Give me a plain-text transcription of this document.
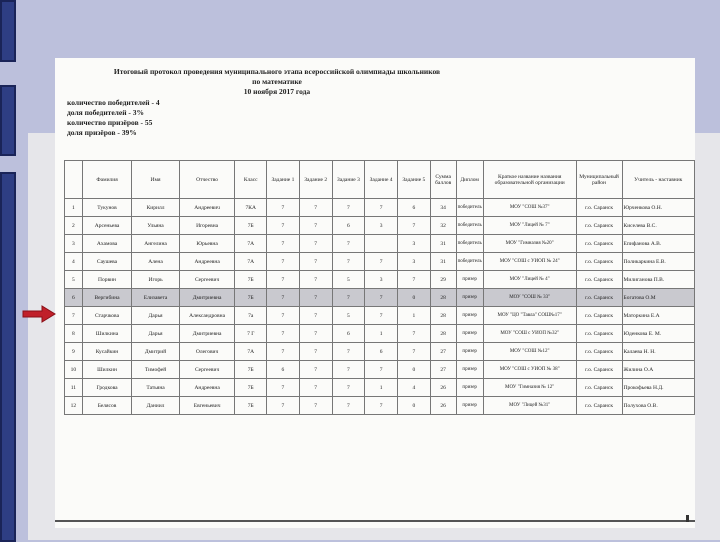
Итоговый протокол проведения муниципального этапа всероссийской олимпиады школьников
по математике
10 ноября 2017 года
количество победителей - 4
доля победителей - 3%
количество призёров - 55
доля призёров - 39%
	Фамилия	Имя	Отчество	Класс	Задание 1	Задание 2	Задание 3	Задание 4	Задание 5	Сумма баллов	Диплом	Краткое название названия образовательной организации	Муниципальный район	Учитель - наставник
1	Тукунов	Кирилл	Андреевич	7КА	7	7	7	7	6	34	победитель	МОУ "СОШ №37"	г.о. Саранск	Юрченкова О.Н.
2	Арсеньева	Ульяна	Игоревна	7Б	7	7	6	3	7	32	победитель	МОУ "Лицей № 7"	г.о. Саранск	Киселева В.С.
3	Ахамова	Ангелина	Юрьевна	7А	7	7	7		3	31	победитель	МОУ "Гимназия №20"	г.о. Саранск	Епифанова А.В.
4	Саушева	Алена	Андреевна	7А	7	7	7	7	3	31	победитель	МОУ "СОШ с УИОП № 24"	г.о. Саранск	Поликаркина Е.В.
5	Порвин	Игорь	Сергеевич	7Б	7	7	5	3	7	29	призер	МОУ "Лицей № 4"	г.о. Саранск	Милиганова П.В.
6	Вергибина	Елизавета	Дмитриевна	7Б	7	7	7	7	0	28	призер	МОУ "СОШ № 33"	г.о. Саранск	Богатова О.М
7	Старчкова	Дарья	Александровна	7а	7	7	5	7	1	28	призер	МОУ "ЦО "Тавла" СОШ№17"	г.о. Саранск	Маторкина Е.А
8	Шилкина	Дарья	Дмитриевна	7 Г	7	7	6	1	7	28	призер	МОУ "СОШ с УИОП №32"	г.о. Саранск	Юденкова Е. М.
9	Кусайкин	Дмитрий	Олегович	7А	7	7	7	6	7	27	призер	МОУ "СОШ №12"	г.о. Саранск	Калаева Н. Н.
10	Шилкин	Тимофей	Сергеевич	7Б	6	7	7	7	0	27	призер	МОУ "СОШ с УИОП № 38"	г.о. Саранск	Жилина О.А
11	Гродкова	Татьяна	Андреевна	7Б	7	7	7	1	4	26	призер	МОУ "Гимназия № 12"	г.о. Саранск	Прокофьева Н.Д.
12	Белясов	Даниил	Евгеньевич	7Б	7	7	7	7	0	26	призер	МОУ "Лицей №31"	г.о. Саранск	Полухова О.В.
